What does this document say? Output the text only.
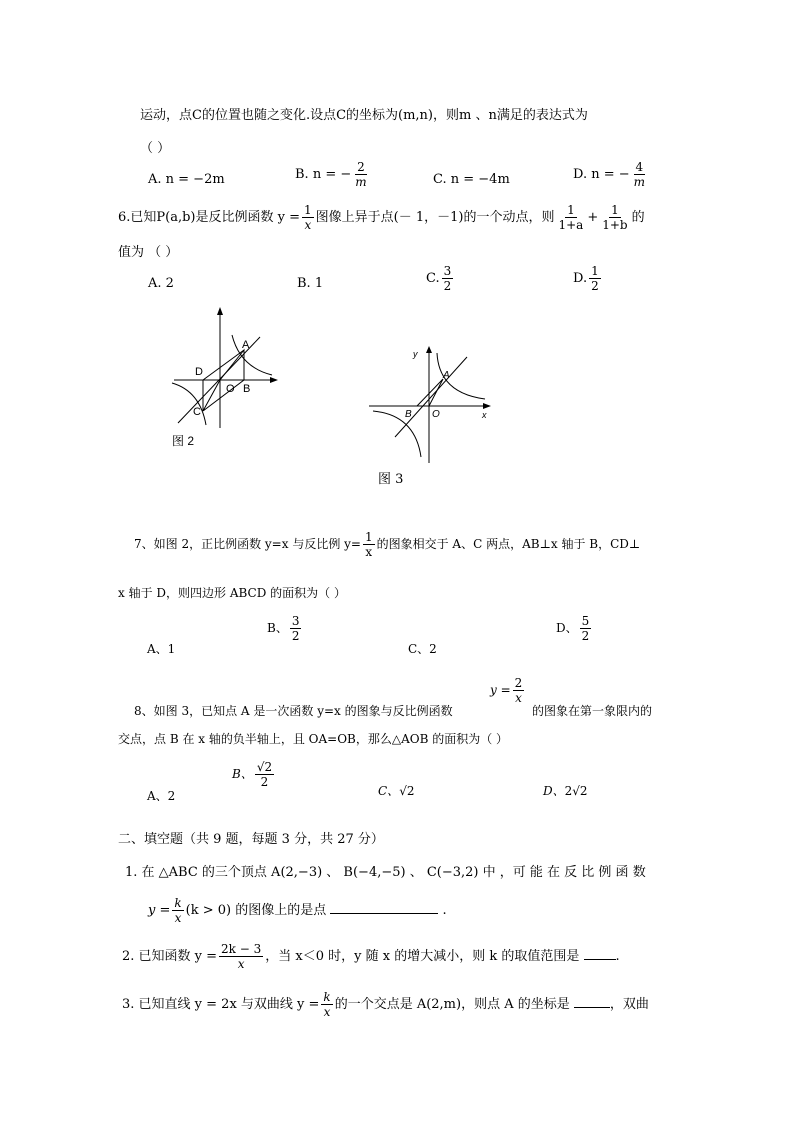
运动，点C的位置也随之变化.设点C的坐标为(m,n)，则m 、n满足的表达式为
（ ）
A. n = −2m	B. n = − $\frac{2}{m}$	C. n = −4m	D. n = − $\frac{4}{m}$
6.已知P(a,b)是反比例函数 $y = \frac{1}{x}$ 图像上异于点(－ 1，－1)的一个动点，则 $\frac{1}{1+a} + \frac{1}{1+b}$ 的
值为 （ ）
A. 2	B. 1	C. $\frac{3}{2}$	D. $\frac{1}{2}$
A
B
C
D
O
图 2
y
x
A
B O
图 3
7、如图 2，正比例函数 y=x 与反比例 $y= \frac{1}{x}$ 的图象相交于 A、C 两点，AB⊥x 轴于 B，CD⊥
x 轴于 D，则四边形 ABCD 的面积为（ ）
A、1
B、 $\frac{3}{2}$
C、2
D、 $\frac{5}{2}$
$y = \frac{2}{x}$
8、如图 3，已知点 A 是一次函数 y=x 的图象与反比例函数	的图象在第一象限内的
交点，点 B 在 x 轴的负半轴上，且 OA=OB，那么△AOB 的面积为（ ）
A、2
B、 $\frac{√2}{2}$
C、√2	D、2√2
二、填空题（共 9 题，每题 3 分，共 27 分）
1. 在 △ABC 的三个顶点 A(2,−3) 、 B(−4,−5) 、 C(−3,2) 中 ，可 能 在 反 比 例 函 数
$y = \frac{k}{x} (k > 0)$ 的图像上的是点	.
2. 已知函数 $y = \frac{2k - 3}{x}$ ，当 x＜0 时，y 随 x 的增大减小，则 k 的取值范围是	.
3. 已知直线 y = 2x 与双曲线 $y = \frac{k}{x}$ 的一个交点是 A(2,m)，则点 A 的坐标是	，双曲
